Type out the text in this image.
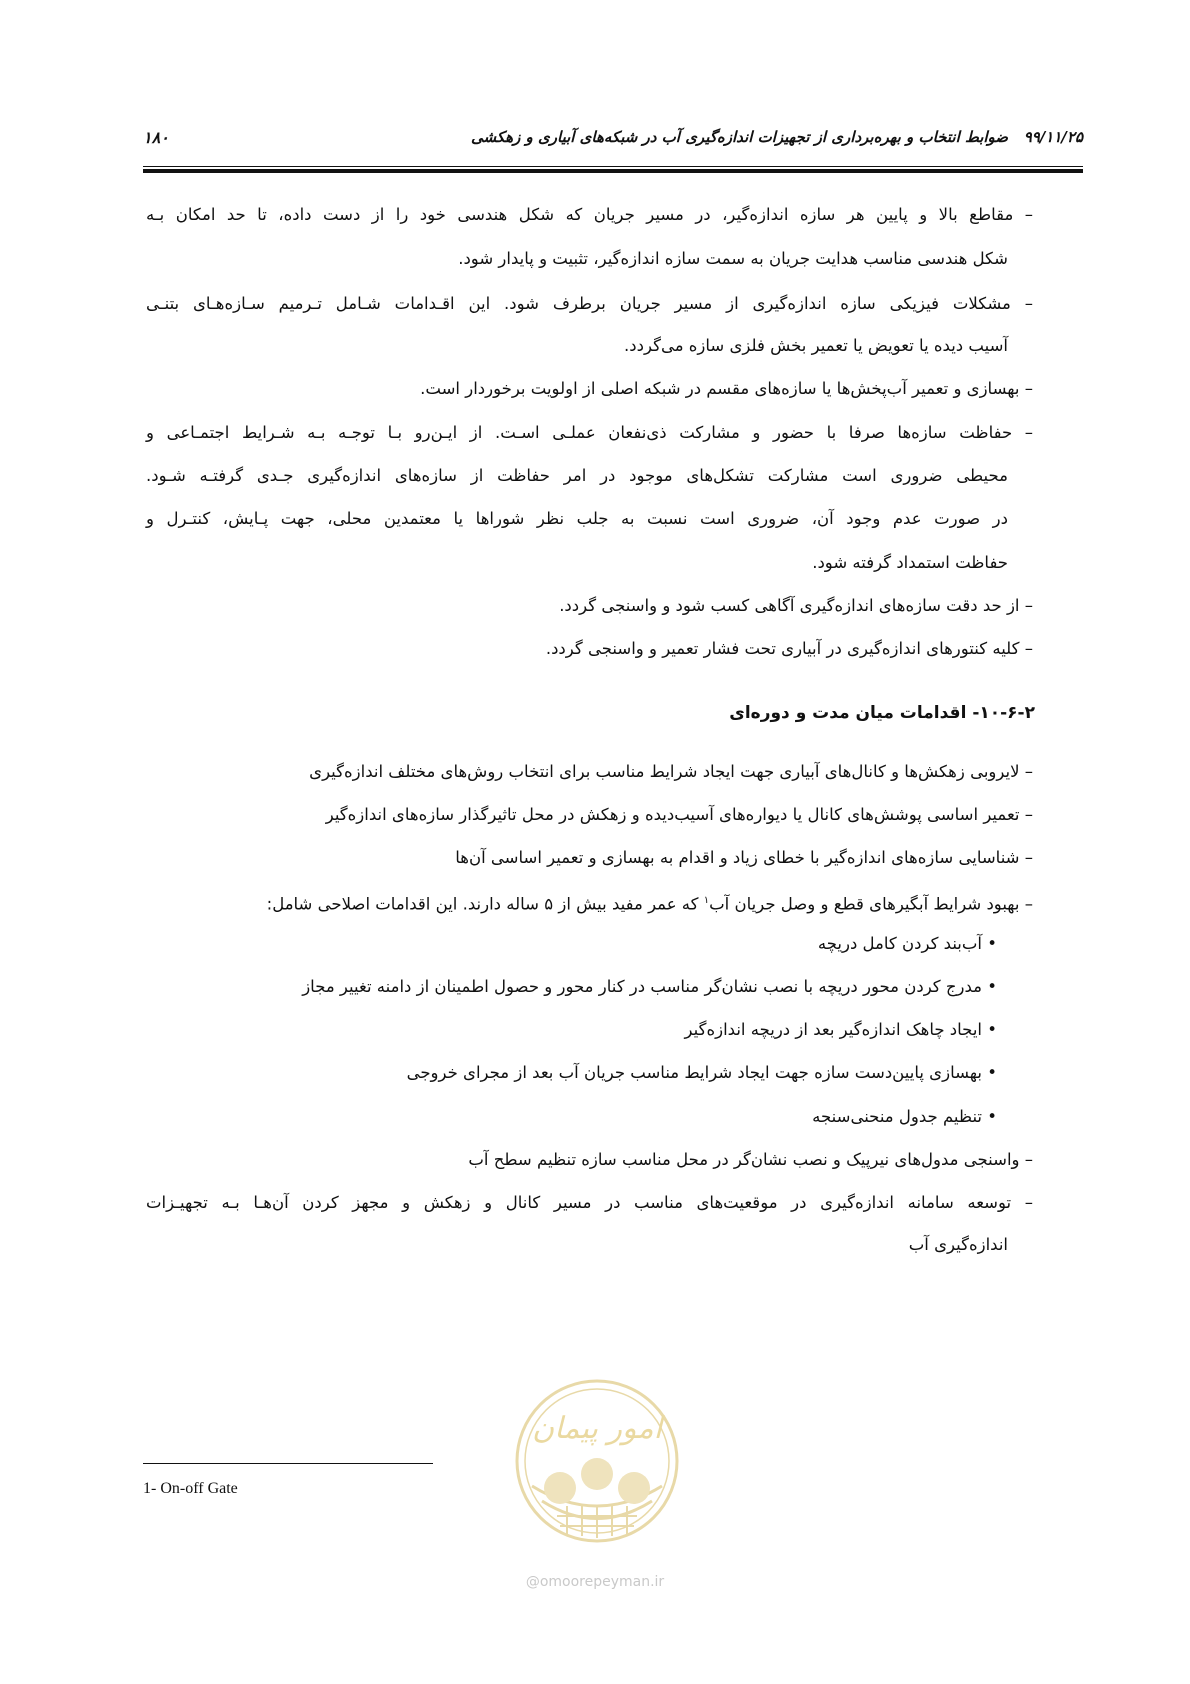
۹۹/۱۱/۲۵   ضوابط انتخاب و بهره‌برداری از تجهیزات اندازه‌گیری آب در شبکه‌های آبیاری و زهکشی
۱۸۰
– مقاطع بالا و پایین هر سازه اندازه‌گیر، در مسیر جریان که شکل هندسی خود را از دست داده، تا حد امکان بـه
شکل هندسی مناسب هدایت جریان به سمت سازه اندازه‌گیر، تثبیت و پایدار شود.
– مشکلات فیزیکی سازه اندازه‌گیری از مسیر جریان برطرف شود. این اقـدامات شـامل تـرمیم سـازه‌هـای بتنـی
آسیب دیده یا تعویض یا تعمیر بخش فلزی سازه می‌گردد.
– بهسازی و تعمیر آب‌پخش‌ها یا سازه‌های مقسم در شبکه اصلی از اولویت برخوردار است.
– حفاظت سازه‌ها صرفا با حضور و مشارکت ذی‌نفعان عملـی اسـت. از ایـن‌رو بـا توجـه بـه شـرایط اجتمـاعی و
محیطی ضروری است مشارکت تشکل‌های موجود در امر حفاظت از سازه‌های اندازه‌گیری جـدی گرفتـه شـود.
در صورت عدم وجود آن، ضروری است نسبت به جلب نظر شوراها یا معتمدین محلی، جهت پـایش، کنتـرل و
حفاظت استمداد گرفته شود.
– از حد دقت سازه‌های اندازه‌گیری آگاهی کسب شود و واسنجی گردد.
– کلیه کنتورهای اندازه‌گیری در آبیاری تحت فشار تعمیر و واسنجی گردد.
۱۰-۶-۲- اقدامات میان مدت و دوره‌ای
– لایروبی زهکش‌ها و کانال‌های آبیاری جهت ایجاد شرایط مناسب برای انتخاب روش‌های مختلف اندازه‌گیری
– تعمیر اساسی پوشش‌های کانال یا دیواره‌های آسیب‌دیده و زهکش در محل تاثیرگذار سازه‌های اندازه‌گیر
– شناسایی سازه‌های اندازه‌گیر با خطای زیاد و اقدام به بهسازی و تعمیر اساسی آن‌ها
– بهبود شرایط آبگیرهای قطع و وصل جریان آب$^۱$ که عمر مفید بیش از ۵ ساله دارند. این اقدامات اصلاحی شامل:
• آب‌بند کردن کامل دریچه
• مدرج کردن محور دریچه با نصب نشان‌گر مناسب در کنار محور و حصول اطمینان از دامنه تغییر مجاز
• ایجاد چاهک اندازه‌گیر بعد از دریچه اندازه‌گیر
• بهسازی پایین‌دست سازه جهت ایجاد شرایط مناسب جریان آب بعد از مجرای خروجی
• تنظیم جدول منحنی‌سنجه
– واسنجی مدول‌های نیرپیک و نصب نشان‌گر در محل مناسب سازه تنظیم سطح آب
– توسعه سامانه اندازه‌گیری در موقعیت‌های مناسب در مسیر کانال و زهکش و مجهز کردن آن‌هـا بـه تجهیـزات
اندازه‌گیری آب
1- On-off Gate
امور پیمان
@omoorepeyman.ir
